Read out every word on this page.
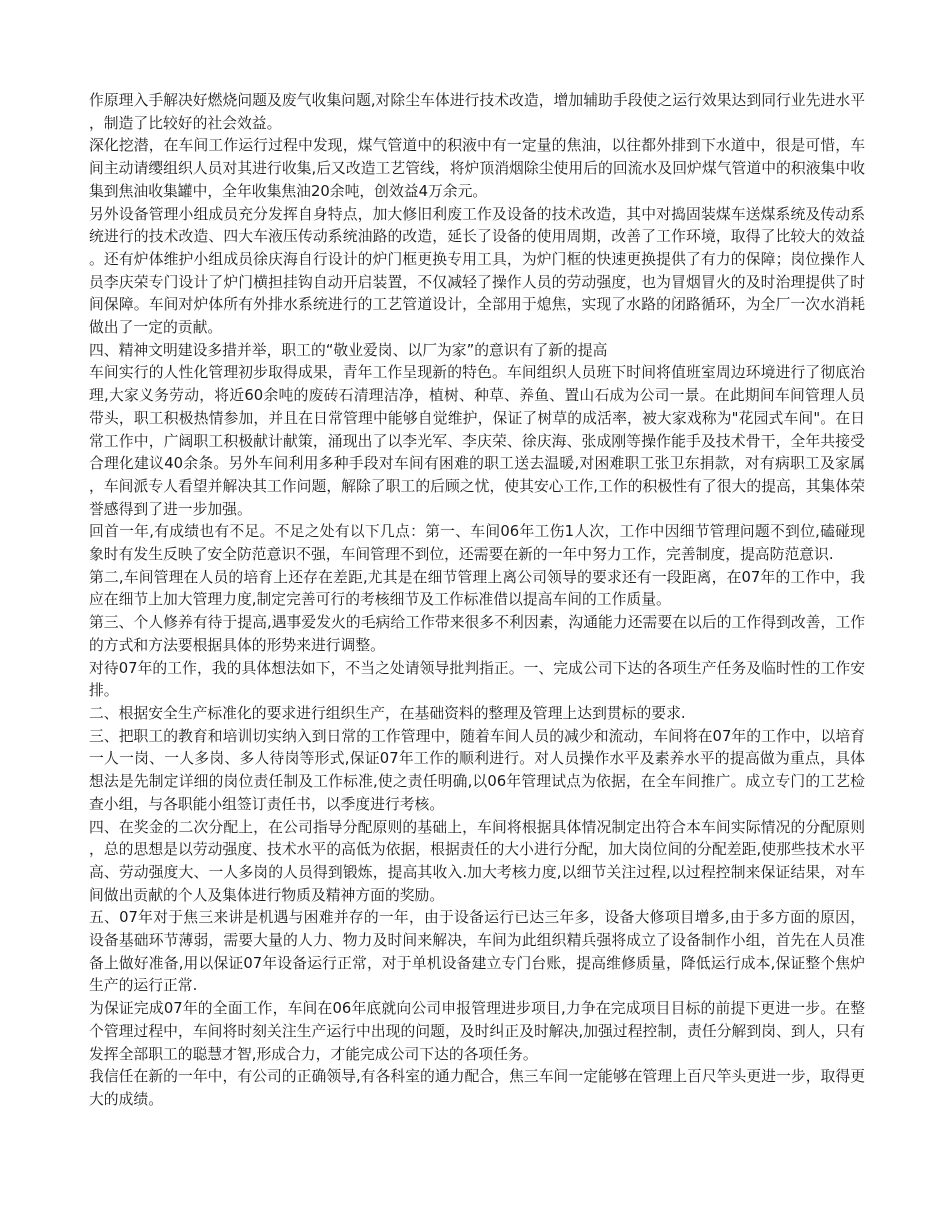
作原理入手解决好燃烧问题及废气收集问题,对除尘车体进行技术改造，增加辅助手段使之运行效果达到同行业先进水平，制造了比较好的社会效益。

深化挖潜，在车间工作运行过程中发现，煤气管道中的积液中有一定量的焦油，以往都外排到下水道中，很是可惜，车间主动请缨组织人员对其进行收集,后又改造工艺管线，将炉顶消烟除尘使用后的回流水及回炉煤气管道中的积液集中收集到焦油收集罐中，全年收集焦油20余吨，创效益4万余元。

另外设备管理小组成员充分发挥自身特点，加大修旧利废工作及设备的技术改造，其中对捣固装煤车送煤系统及传动系统进行的技术改造、四大车液压传动系统油路的改造，延长了设备的使用周期，改善了工作环境，取得了比较大的效益。还有炉体维护小组成员徐庆海自行设计的炉门框更换专用工具，为炉门框的快速更换提供了有力的保障；岗位操作人员李庆荣专门设计了炉门横担挂钩自动开启装置，不仅减轻了操作人员的劳动强度，也为冒烟冒火的及时治理提供了时间保障。车间对炉体所有外排水系统进行的工艺管道设计，全部用于熄焦，实现了水路的闭路循环，为全厂一次水消耗做出了一定的贡献。

四、精神文明建设多措并举，职工的“敬业爱岗、以厂为家”的意识有了新的提高

车间实行的人性化管理初步取得成果，青年工作呈现新的特色。车间组织人员班下时间将值班室周边环境进行了彻底治理,大家义务劳动，将近60余吨的废砖石清理洁净，植树、种草、养鱼、置山石成为公司一景。在此期间车间管理人员带头，职工积极热情参加，并且在日常管理中能够自觉维护，保证了树草的成活率，被大家戏称为"花园式车间"。在日常工作中，广阔职工积极献计献策，涌现出了以李光军、李庆荣、徐庆海、张成刚等操作能手及技术骨干，全年共接受合理化建议40余条。另外车间利用多种手段对车间有困难的职工送去温暖,对困难职工张卫东捐款，对有病职工及家属，车间派专人看望并解决其工作问题，解除了职工的后顾之忧，使其安心工作,工作的积极性有了很大的提高，其集体荣誉感得到了进一步加强。

回首一年,有成绩也有不足。不足之处有以下几点：第一、车间06年工伤1人次，工作中因细节管理问题不到位,磕碰现象时有发生反映了安全防范意识不强，车间管理不到位，还需要在新的一年中努力工作，完善制度，提高防范意识.

第二,车间管理在人员的培育上还存在差距,尤其是在细节管理上离公司领导的要求还有一段距离，在07年的工作中，我应在细节上加大管理力度,制定完善可行的考核细节及工作标准借以提高车间的工作质量。

第三、个人修养有待于提高,遇事爱发火的毛病给工作带来很多不利因素，沟通能力还需要在以后的工作得到改善，工作的方式和方法要根据具体的形势来进行调整。

对待07年的工作，我的具体想法如下，不当之处请领导批判指正。一、完成公司下达的各项生产任务及临时性的工作安排。

二、根据安全生产标准化的要求进行组织生产，在基础资料的整理及管理上达到贯标的要求.

三、把职工的教育和培训切实纳入到日常的工作管理中，随着车间人员的减少和流动，车间将在07年的工作中，以培育一人一岗、一人多岗、多人待岗等形式,保证07年工作的顺利进行。对人员操作水平及素养水平的提高做为重点，具体想法是先制定详细的岗位责任制及工作标准,使之责任明确,以06年管理试点为依据，在全车间推广。成立专门的工艺检查小组，与各职能小组签订责任书，以季度进行考核。

四、在奖金的二次分配上，在公司指导分配原则的基础上，车间将根据具体情况制定出符合本车间实际情况的分配原则，总的思想是以劳动强度、技术水平的高低为依据，根据责任的大小进行分配，加大岗位间的分配差距,使那些技术水平高、劳动强度大、一人多岗的人员得到锻炼，提高其收入.加大考核力度,以细节关注过程,以过程控制来保证结果，对车间做出贡献的个人及集体进行物质及精神方面的奖励。

五、07年对于焦三来讲是机遇与困难并存的一年，由于设备运行已达三年多，设备大修项目增多,由于多方面的原因，设备基础环节薄弱，需要大量的人力、物力及时间来解决，车间为此组织精兵强将成立了设备制作小组，首先在人员准备上做好准备,用以保证07年设备运行正常，对于单机设备建立专门台账，提高维修质量，降低运行成本,保证整个焦炉生产的运行正常.

为保证完成07年的全面工作，车间在06年底就向公司申报管理进步项目,力争在完成项目目标的前提下更进一步。在整个管理过程中，车间将时刻关注生产运行中出现的问题，及时纠正及时解决,加强过程控制，责任分解到岗、到人，只有发挥全部职工的聪慧才智,形成合力，才能完成公司下达的各项任务。

我信任在新的一年中，有公司的正确领导,有各科室的通力配合，焦三车间一定能够在管理上百尺竿头更进一步，取得更大的成绩。
